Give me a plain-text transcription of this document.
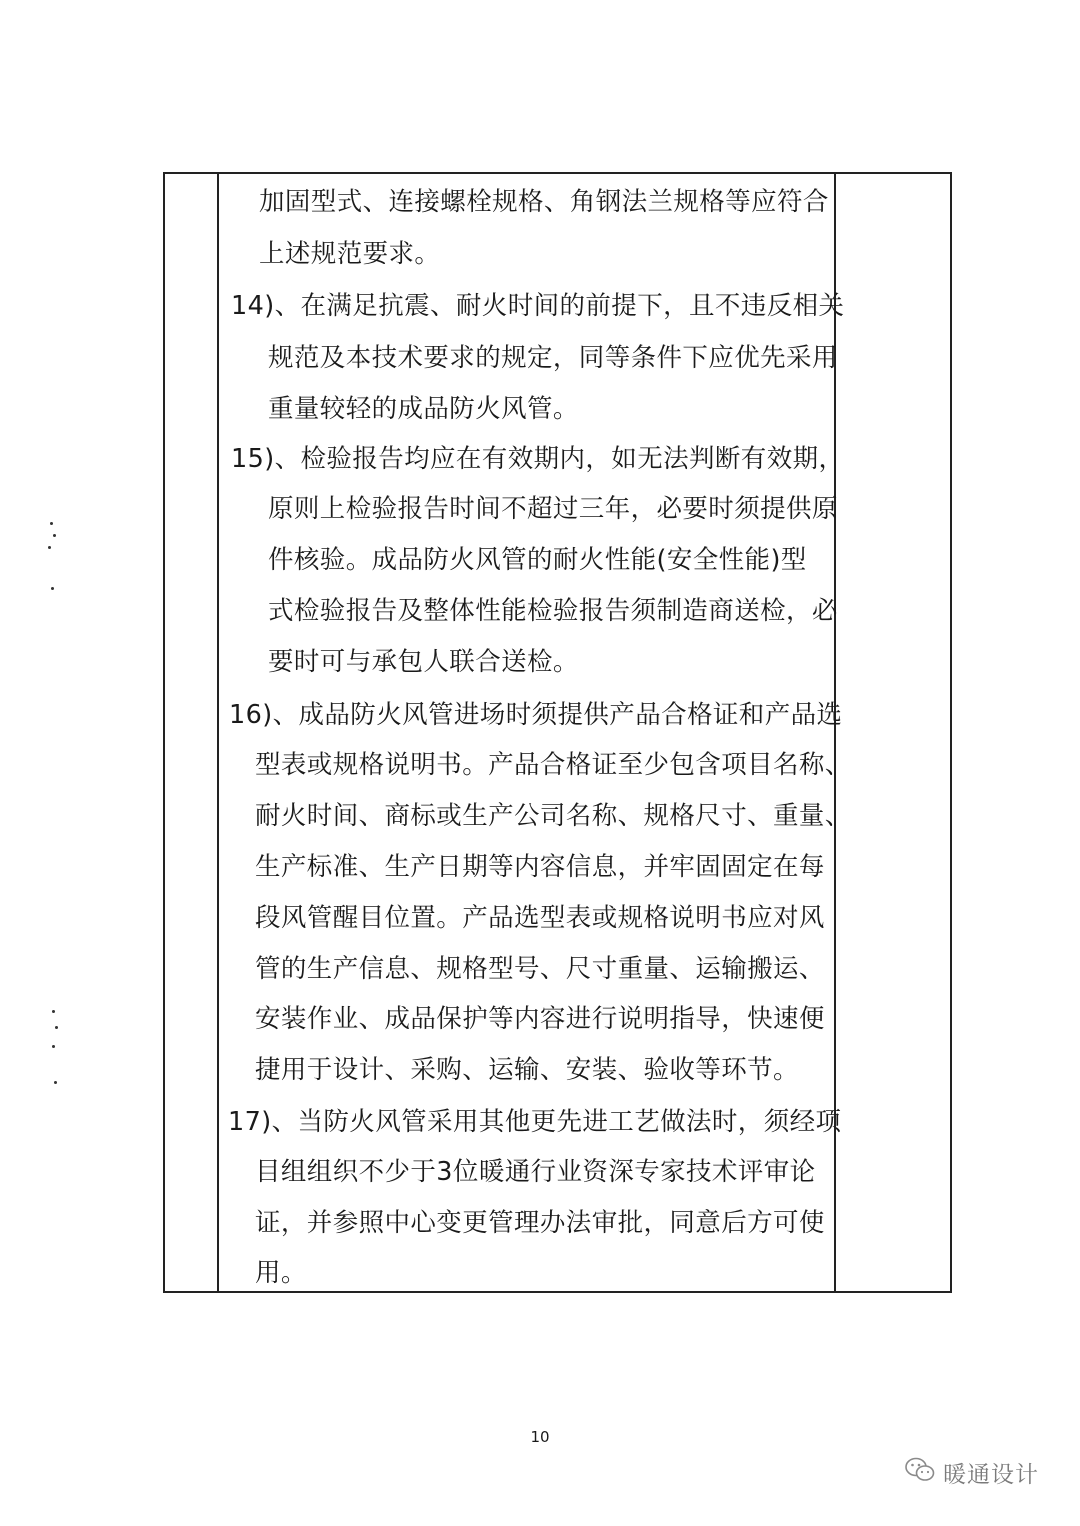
加固型式、连接螺栓规格、角钢法兰规格等应符合
上述规范要求。
14)、在满足抗震、耐火时间的前提下，且不违反相关
规范及本技术要求的规定，同等条件下应优先采用
重量较轻的成品防火风管。
15)、检验报告均应在有效期内，如无法判断有效期，
原则上检验报告时间不超过三年，必要时须提供原
件核验。成品防火风管的耐火性能(安全性能)型
式检验报告及整体性能检验报告须制造商送检，必
要时可与承包人联合送检。
16)、成品防火风管进场时须提供产品合格证和产品选
型表或规格说明书。产品合格证至少包含项目名称、
耐火时间、商标或生产公司名称、规格尺寸、重量、
生产标准、生产日期等内容信息，并牢固固定在每
段风管醒目位置。产品选型表或规格说明书应对风
管的生产信息、规格型号、尺寸重量、运输搬运、
安装作业、成品保护等内容进行说明指导，快速便
捷用于设计、采购、运输、安装、验收等环节。
17)、当防火风管采用其他更先进工艺做法时，须经项
目组组织不少于3位暖通行业资深专家技术评审论
证，并参照中心变更管理办法审批，同意后方可使
用。
10
暖通设计
